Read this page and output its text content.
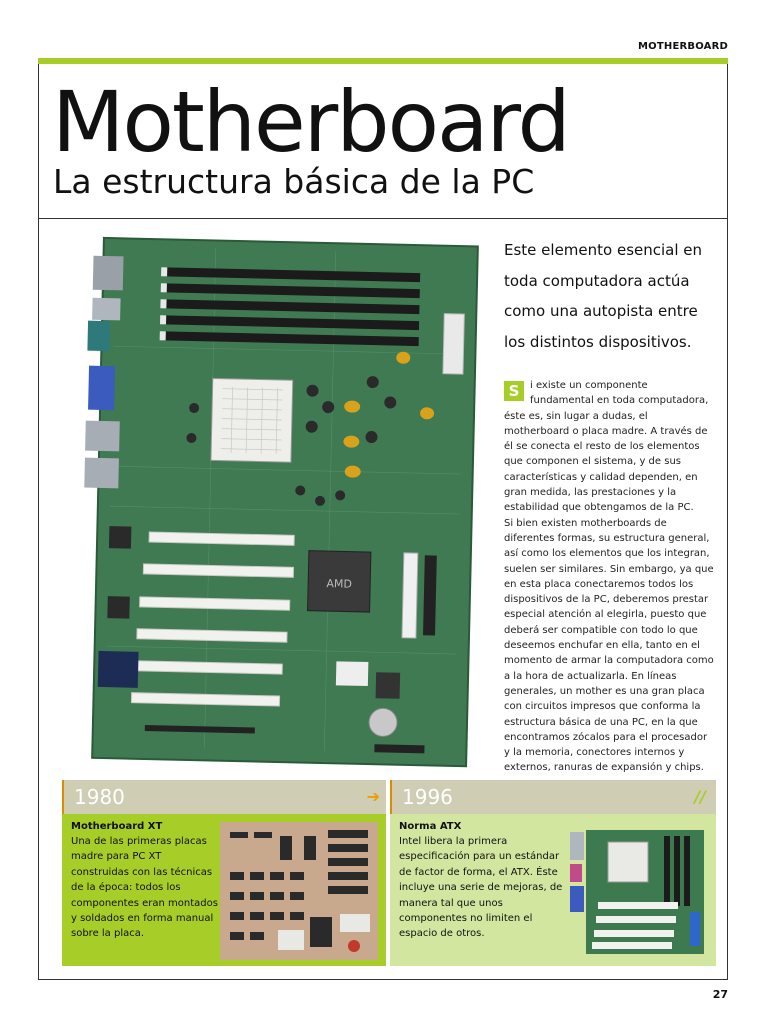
MOTHERBOARD
Motherboard
La estructura básica de la PC
AMD

Este elemento esencial en toda computadora actúa como una autopista entre los distintos dispositivos.

S	i existe un componente fundamental en toda computadora, éste es, sin lugar a dudas, el motherboard o placa madre. A través de él se conecta el resto de los elementos que componen el sistema, y de sus características y calidad dependen, en gran medida, las prestaciones y la estabilidad que obtengamos de la PC.

Si bien existen motherboards de diferentes formas, su estructura general, así como los elementos que los integran, suelen ser similares. Sin embargo, ya que en esta placa conectaremos todos los dispositivos de la PC, deberemos prestar especial atención al elegirla, puesto que deberá ser compatible con todo lo que deseemos enchufar en ella, tanto en el momento de armar la computadora como a la hora de actualizarla. En líneas generales, un mother es una gran placa con circuitos impresos que conforma la estructura básica de una PC, en la que encontramos zócalos para el procesador y la memoria, conectores internos y externos, ranuras de expansión y chips.

1980	➔
Motherboard XT
Una de las primeras placas madre para PC XT construidas con las técnicas de la época: todos los componentes eran montados y soldados en forma manual sobre la placa.
1996	//
Norma ATX
Intel libera la primera especificación para un estándar de factor de forma, el ATX. Éste incluye una serie de mejoras, de manera tal que unos componentes no limiten el espacio de otros.
27
